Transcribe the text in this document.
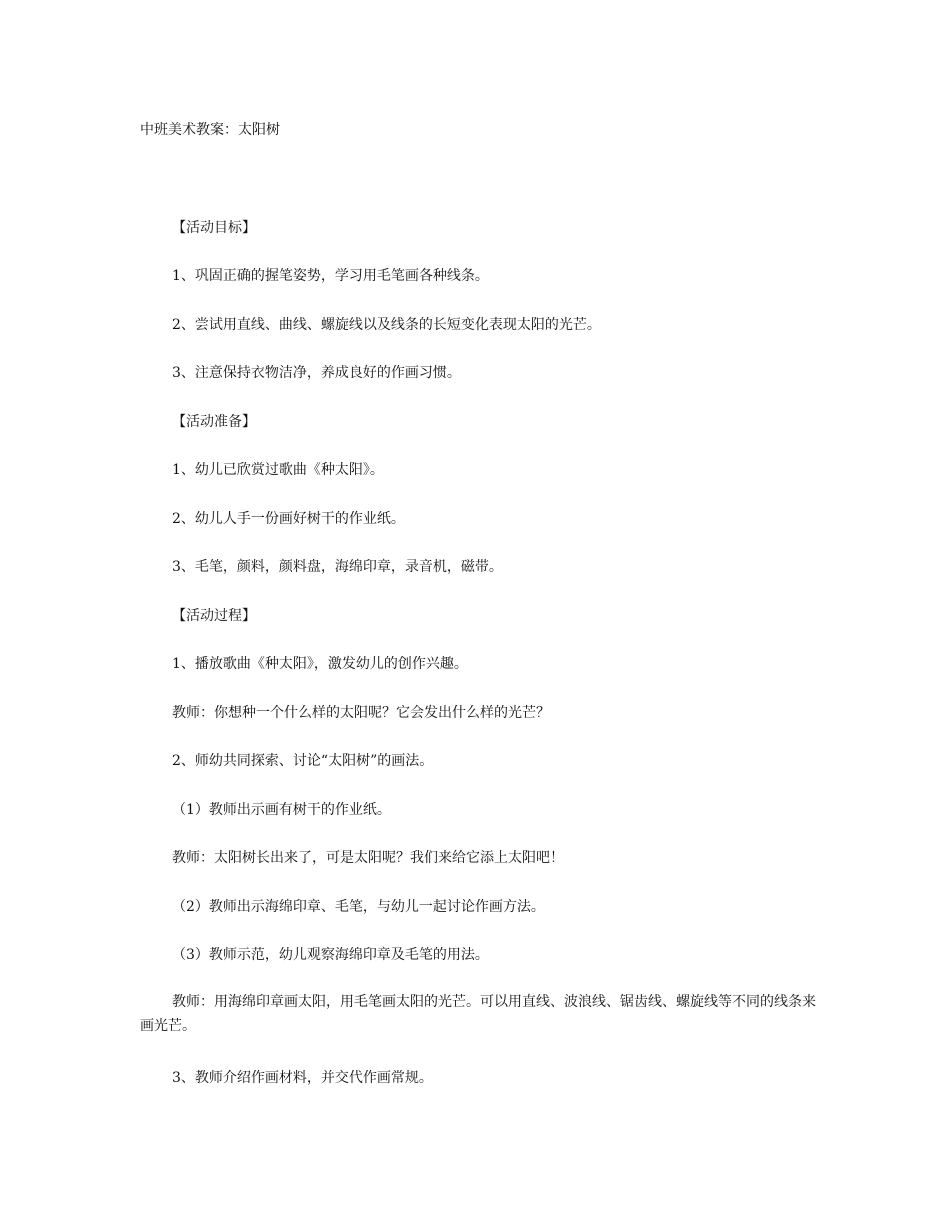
中班美术教案：太阳树
【活动目标】
1、巩固正确的握笔姿势，学习用毛笔画各种线条。
2、尝试用直线、曲线、螺旋线以及线条的长短变化表现太阳的光芒。
3、注意保持衣物洁净，养成良好的作画习惯。
【活动准备】
1、幼儿已欣赏过歌曲《种太阳》。
2、幼儿人手一份画好树干的作业纸。
3、毛笔，颜料，颜料盘，海绵印章，录音机，磁带。
【活动过程】
1、播放歌曲《种太阳》，激发幼儿的创作兴趣。
教师：你想种一个什么样的太阳呢？它会发出什么样的光芒？
2、师幼共同探索、讨论“太阳树”的画法。
（1）教师出示画有树干的作业纸。
教师：太阳树长出来了，可是太阳呢？我们来给它添上太阳吧！
（2）教师出示海绵印章、毛笔，与幼儿一起讨论作画方法。
（3）教师示范，幼儿观察海绵印章及毛笔的用法。
教师：用海绵印章画太阳，用毛笔画太阳的光芒。可以用直线、波浪线、锯齿线、螺旋线等不同的线条来画光芒。
3、教师介绍作画材料，并交代作画常规。
